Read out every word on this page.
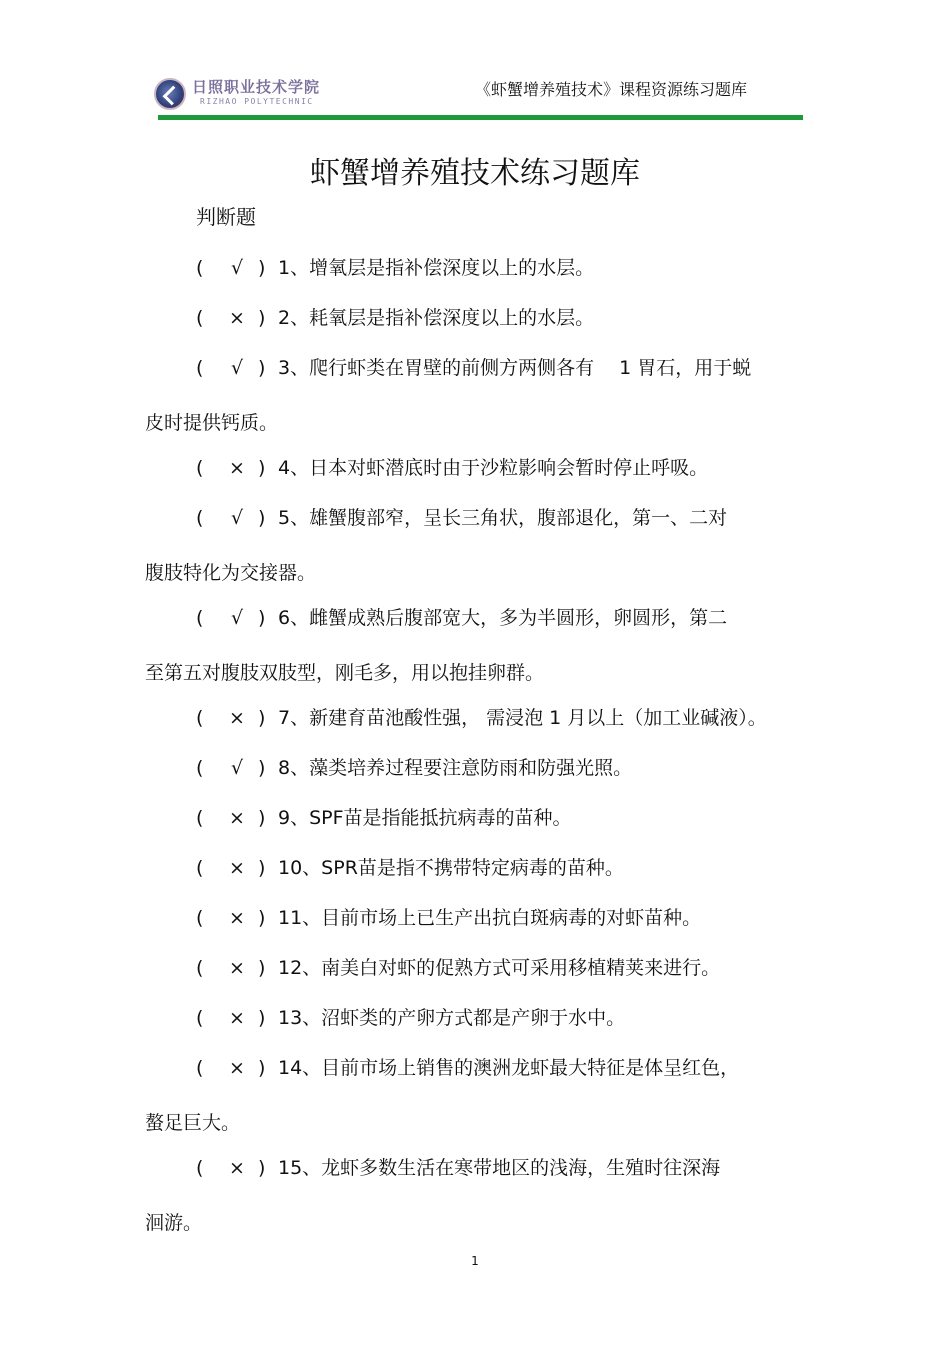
日照职业技术学院
RIZHAO POLYTECHNIC
《虾蟹增养殖技术》课程资源练习题库
虾蟹增养殖技术练习题库
判断题
( √ ) 1、增氧层是指补偿深度以上的水层。
( × ) 2、耗氧层是指补偿深度以上的水层。
( √ ) 3、爬行虾类在胃壁的前侧方两侧各有　 1 胃石，用于蜕
皮时提供钙质。
( × ) 4、日本对虾潜底时由于沙粒影响会暂时停止呼吸。
( √ ) 5、雄蟹腹部窄，呈长三角状，腹部退化，第一、二对
腹肢特化为交接器。
( √ ) 6、雌蟹成熟后腹部宽大，多为半圆形，卵圆形，第二
至第五对腹肢双肢型，刚毛多，用以抱挂卵群。
( × ) 7、新建育苗池酸性强， 需浸泡 1 月以上（加工业碱液）。
( √ ) 8、藻类培养过程要注意防雨和防强光照。
( × ) 9、SPF苗是指能抵抗病毒的苗种。
( × ) 10、SPR苗是指不携带特定病毒的苗种。
( × ) 11、目前市场上已生产出抗白斑病毒的对虾苗种。
( × ) 12、南美白对虾的促熟方式可采用移植精荚来进行。
( × ) 13、沼虾类的产卵方式都是产卵于水中。
( × ) 14、目前市场上销售的澳洲龙虾最大特征是体呈红色，
螯足巨大。
( × ) 15、龙虾多数生活在寒带地区的浅海，生殖时往深海
洄游。
1
